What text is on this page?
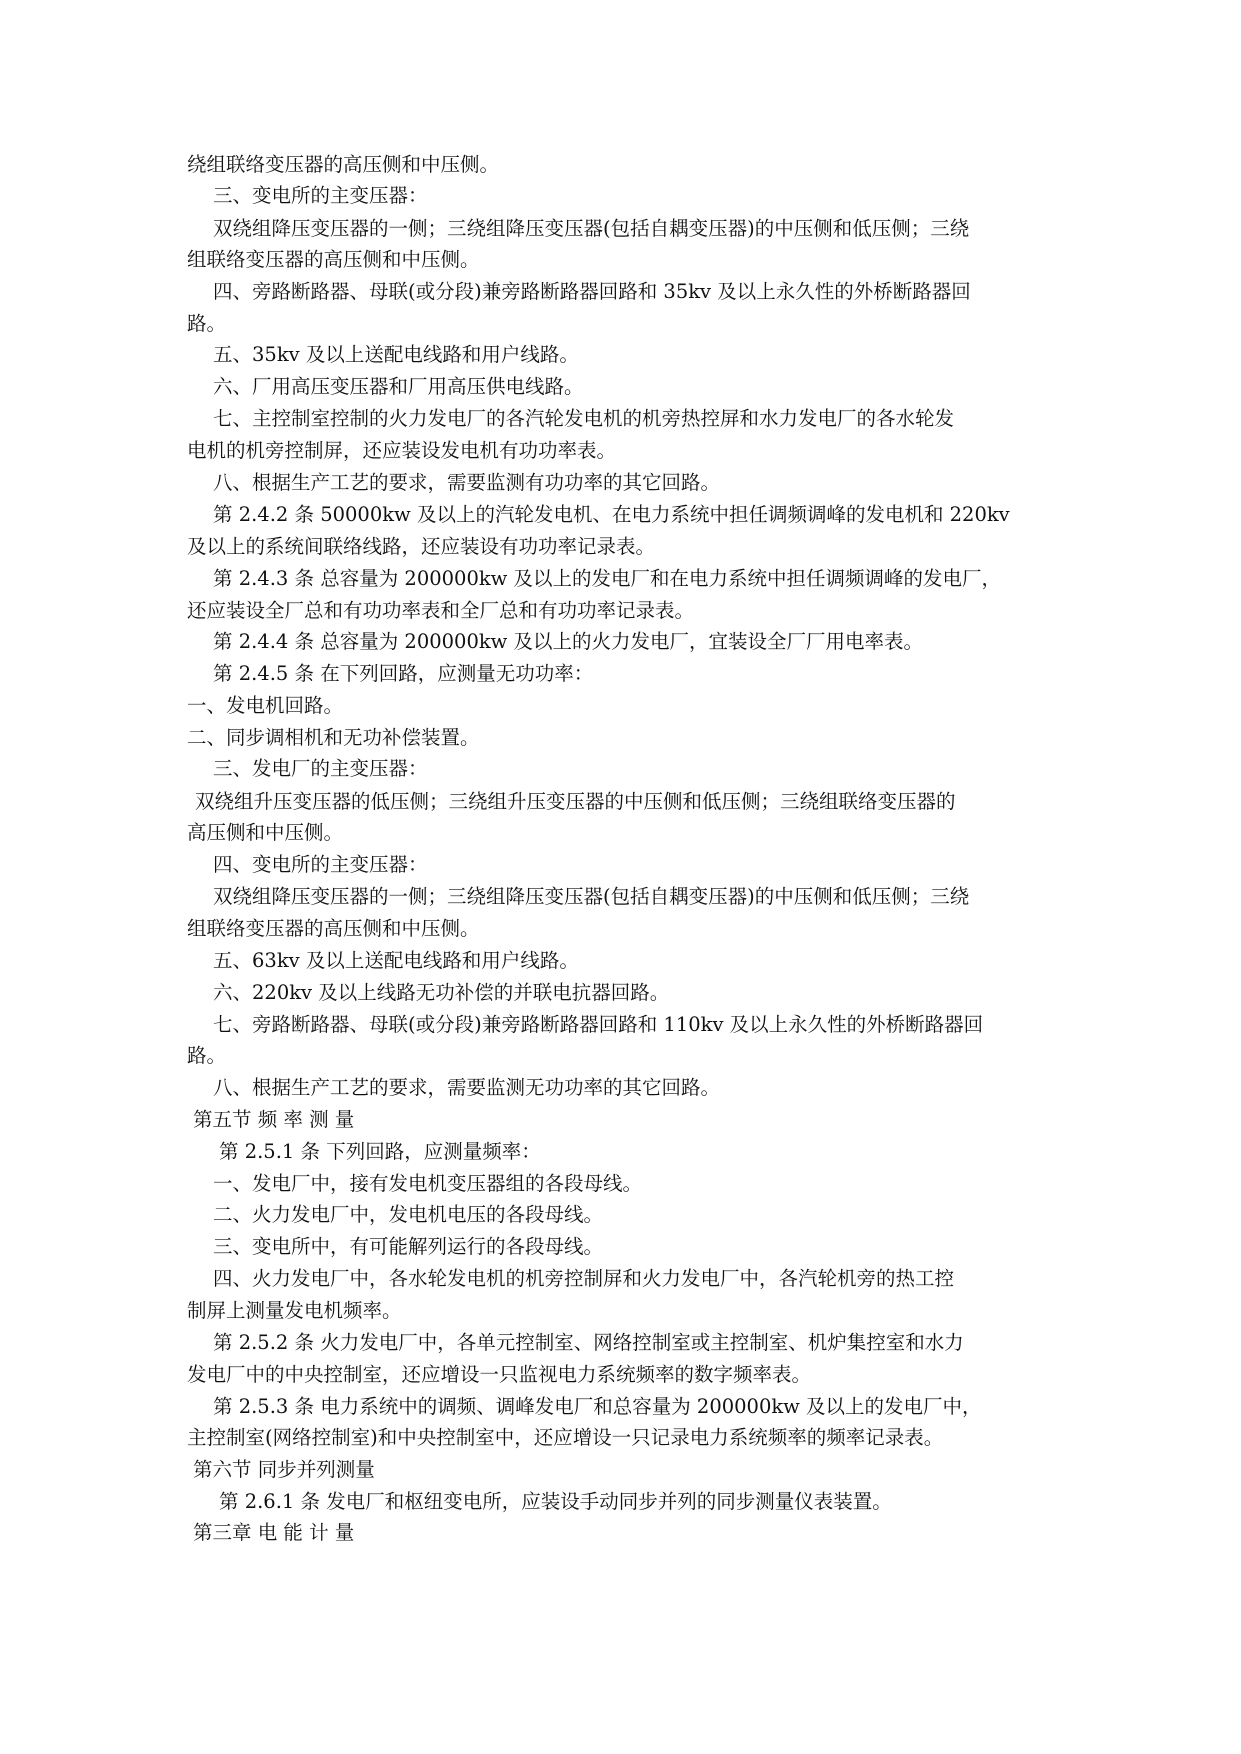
绕组联络变压器的高压侧和中压侧。
三、变电所的主变压器：
双绕组降压变压器的一侧；三绕组降压变压器(包括自耦变压器)的中压侧和低压侧；三绕
组联络变压器的高压侧和中压侧。
四、旁路断路器、母联(或分段)兼旁路断路器回路和 35kv 及以上永久性的外桥断路器回
路。
五、35kv 及以上送配电线路和用户线路。
六、厂用高压变压器和厂用高压供电线路。
七、主控制室控制的火力发电厂的各汽轮发电机的机旁热控屏和水力发电厂的各水轮发
电机的机旁控制屏，还应装设发电机有功功率表。
八、根据生产工艺的要求，需要监测有功功率的其它回路。
第 2.4.2 条 50000kw 及以上的汽轮发电机、在电力系统中担任调频调峰的发电机和 220kv
及以上的系统间联络线路，还应装设有功功率记录表。
第 2.4.3 条 总容量为 200000kw 及以上的发电厂和在电力系统中担任调频调峰的发电厂，
还应装设全厂总和有功功率表和全厂总和有功功率记录表。
第 2.4.4 条 总容量为 200000kw 及以上的火力发电厂，宜装设全厂厂用电率表。
第 2.4.5 条 在下列回路，应测量无功功率：
一、发电机回路。
二、同步调相机和无功补偿装置。
三、发电厂的主变压器：
双绕组升压变压器的低压侧；三绕组升压变压器的中压侧和低压侧；三绕组联络变压器的
高压侧和中压侧。
四、变电所的主变压器：
双绕组降压变压器的一侧；三绕组降压变压器(包括自耦变压器)的中压侧和低压侧；三绕
组联络变压器的高压侧和中压侧。
五、63kv 及以上送配电线路和用户线路。
六、220kv 及以上线路无功补偿的并联电抗器回路。
七、旁路断路器、母联(或分段)兼旁路断路器回路和 110kv 及以上永久性的外桥断路器回
路。
八、根据生产工艺的要求，需要监测无功功率的其它回路。
第五节 频 率 测 量
第 2.5.1 条 下列回路，应测量频率：
一、发电厂中，接有发电机变压器组的各段母线。
二、火力发电厂中，发电机电压的各段母线。
三、变电所中，有可能解列运行的各段母线。
四、火力发电厂中，各水轮发电机的机旁控制屏和火力发电厂中，各汽轮机旁的热工控
制屏上测量发电机频率。
第 2.5.2 条 火力发电厂中，各单元控制室、网络控制室或主控制室、机炉集控室和水力
发电厂中的中央控制室，还应增设一只监视电力系统频率的数字频率表。
第 2.5.3 条 电力系统中的调频、调峰发电厂和总容量为 200000kw 及以上的发电厂中，
主控制室(网络控制室)和中央控制室中，还应增设一只记录电力系统频率的频率记录表。
第六节 同步并列测量
第 2.6.1 条 发电厂和枢纽变电所，应装设手动同步并列的同步测量仪表装置。
第三章 电 能 计 量
